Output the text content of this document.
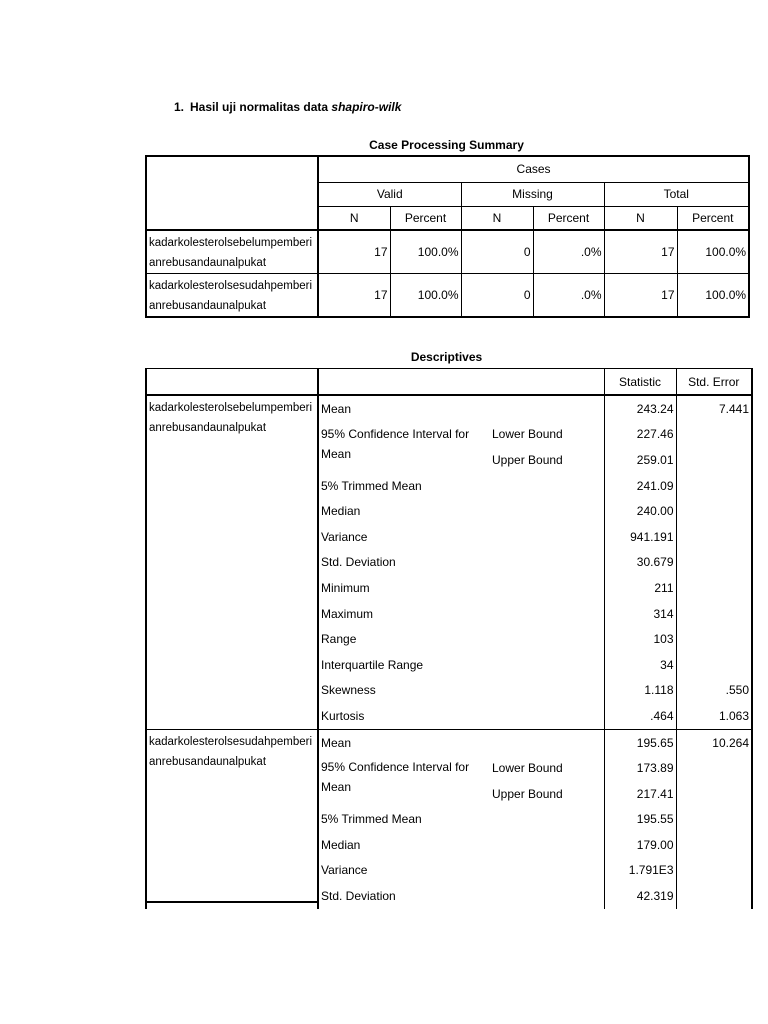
1. Hasil uji normalitas data shapiro-wilk
Case Processing Summary
	Cases					
	Valid		Missing		Total	
	N	Percent	N	Percent	N	Percent
kadarkolesterolsebelumpemberianrebusandaunalpukat	17	100.0%	0	.0%	17	100.0%
kadarkolesterolsesudahpemberianrebusandaunalpukat	17	100.0%	0	.0%	17	100.0%
Descriptives
			Statistic	Std. Error
kadarkolesterolsebelumpemberianrebusandaunalpukat	Mean		243.24	7.441
	95% Confidence Interval for Mean	Lower Bound	227.46	
		Upper Bound	259.01	
	5% Trimmed Mean		241.09	
	Median		240.00	
	Variance		941.191	
	Std. Deviation		30.679	
	Minimum		211	
	Maximum		314	
	Range		103	
	Interquartile Range		34	
	Skewness		1.118	.550
	Kurtosis		.464	1.063
kadarkolesterolsesudahpemberianrebusandaunalpukat	Mean		195.65	10.264
	95% Confidence Interval for Mean	Lower Bound	173.89	
		Upper Bound	217.41	
	5% Trimmed Mean		195.55	
	Median		179.00	
	Variance		1.791E3	
	Std. Deviation		42.319	
